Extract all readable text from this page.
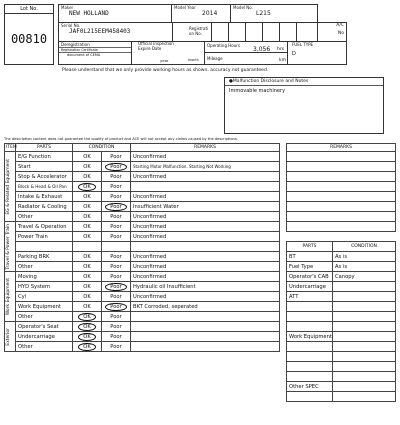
Lot No.
00810
Maker
NEW HOLLAND
Model Year
2014
Model No.
L215
Serial No.
JAF0L215EEM458403	Registrati on No.
A/C
No
Deregistration
Registration Certificate
document of CEMA
Official Inspection Expire Date
year	month
Operating Hours
3,056 hrs
Mileage	km
FUEL TYPE
D
Please understand that we only provide working hours as shown. accuracy not guaranteed.
●Malfunction Disclosure and Notes
Immovable machinery
The description content does not guarantee the quality of product and ACE will not accept any claims caused by the descriptions.
ITEM	PARTS	CONDITION		REMARKS

EG & Related Equipment	E/G Function	OK	Poor	Unconfirmed
	Start	OK	Poor	Starting Motor Malfunction. Starting Not Working
	Stop & Accelerator	OK	Poor	Unconfirmed
	Block & Head & Oil Pan	OK	Poor	
	Intake & Exhaust	OK	Poor	Unconfirmed
	Radiator & Cooling	OK	Poor	Insufficient Water
	Other	OK	Poor	Unconfirmed

Travel & Power Train	Travel & Operation	OK	Poor	Unconfirmed
	Power Train	OK	Poor	Unconfirmed

	Parking BRK	OK	Poor	Unconfirmed
	Other	OK	Poor	Unconfirmed

Work Equipment	Moving	OK	Poor	Unconfirmed
	HYD System	OK	Poor	Hydraulic oil Insufficient
	Cyl	OK	Poor	Unconfirmed
	Work Equipment	OK	Poor	BKT Corroded, seperated
	Other	OK	Poor	

Exterior	Operator's Seat	OK	Poor	
	Undercarriage	OK	Poor	
	Other	OK	Poor	
REMARKS

PARTS	CONDITION
BT	As is
Fuel Type	As is
Operator's CAB	Canopy
Undercarriage	
ATT	

Work Equipment	

Other SPEC	
